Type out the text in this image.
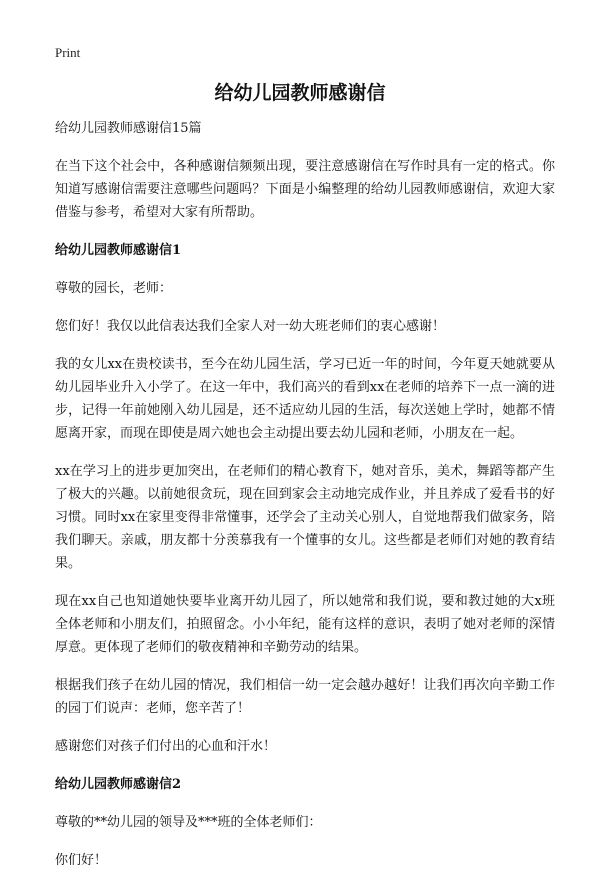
Print
给幼儿园教师感谢信

给幼儿园教师感谢信15篇

在当下这个社会中，各种感谢信频频出现，要注意感谢信在写作时具有一定的格式。你知道写感谢信需要注意哪些问题吗？下面是小编整理的给幼儿园教师感谢信，欢迎大家借鉴与参考，希望对大家有所帮助。

给幼儿园教师感谢信1

尊敬的园长，老师：

您们好！我仅以此信表达我们全家人对一幼大班老师们的衷心感谢！

我的女儿xx在贵校读书，至今在幼儿园生活，学习已近一年的时间，今年夏天她就要从幼儿园毕业升入小学了。在这一年中，我们高兴的看到xx在老师的培养下一点一滴的进步，记得一年前她刚入幼儿园是，还不适应幼儿园的生活，每次送她上学时，她都不情愿离开家，而现在即使是周六她也会主动提出要去幼儿园和老师，小朋友在一起。

xx在学习上的进步更加突出，在老师们的精心教育下，她对音乐，美术，舞蹈等都产生了极大的兴趣。以前她很贪玩，现在回到家会主动地完成作业，并且养成了爱看书的好习惯。同时xx在家里变得非常懂事，还学会了主动关心别人，自觉地帮我们做家务，陪我们聊天。亲戚，朋友都十分羡慕我有一个懂事的女儿。这些都是老师们对她的教育结果。

现在xx自己也知道她快要毕业离开幼儿园了，所以她常和我们说，要和教过她的大x班全体老师和小朋友们，拍照留念。小小年纪，能有这样的意识，表明了她对老师的深情厚意。更体现了老师们的敬夜精神和辛勤劳动的结果。

根据我们孩子在幼儿园的情况，我们相信一幼一定会越办越好！让我们再次向辛勤工作的园丁们说声：老师，您辛苦了！

感谢您们对孩子们付出的心血和汗水！

给幼儿园教师感谢信2

尊敬的**幼儿园的领导及***班的全体老师们：

你们好！
